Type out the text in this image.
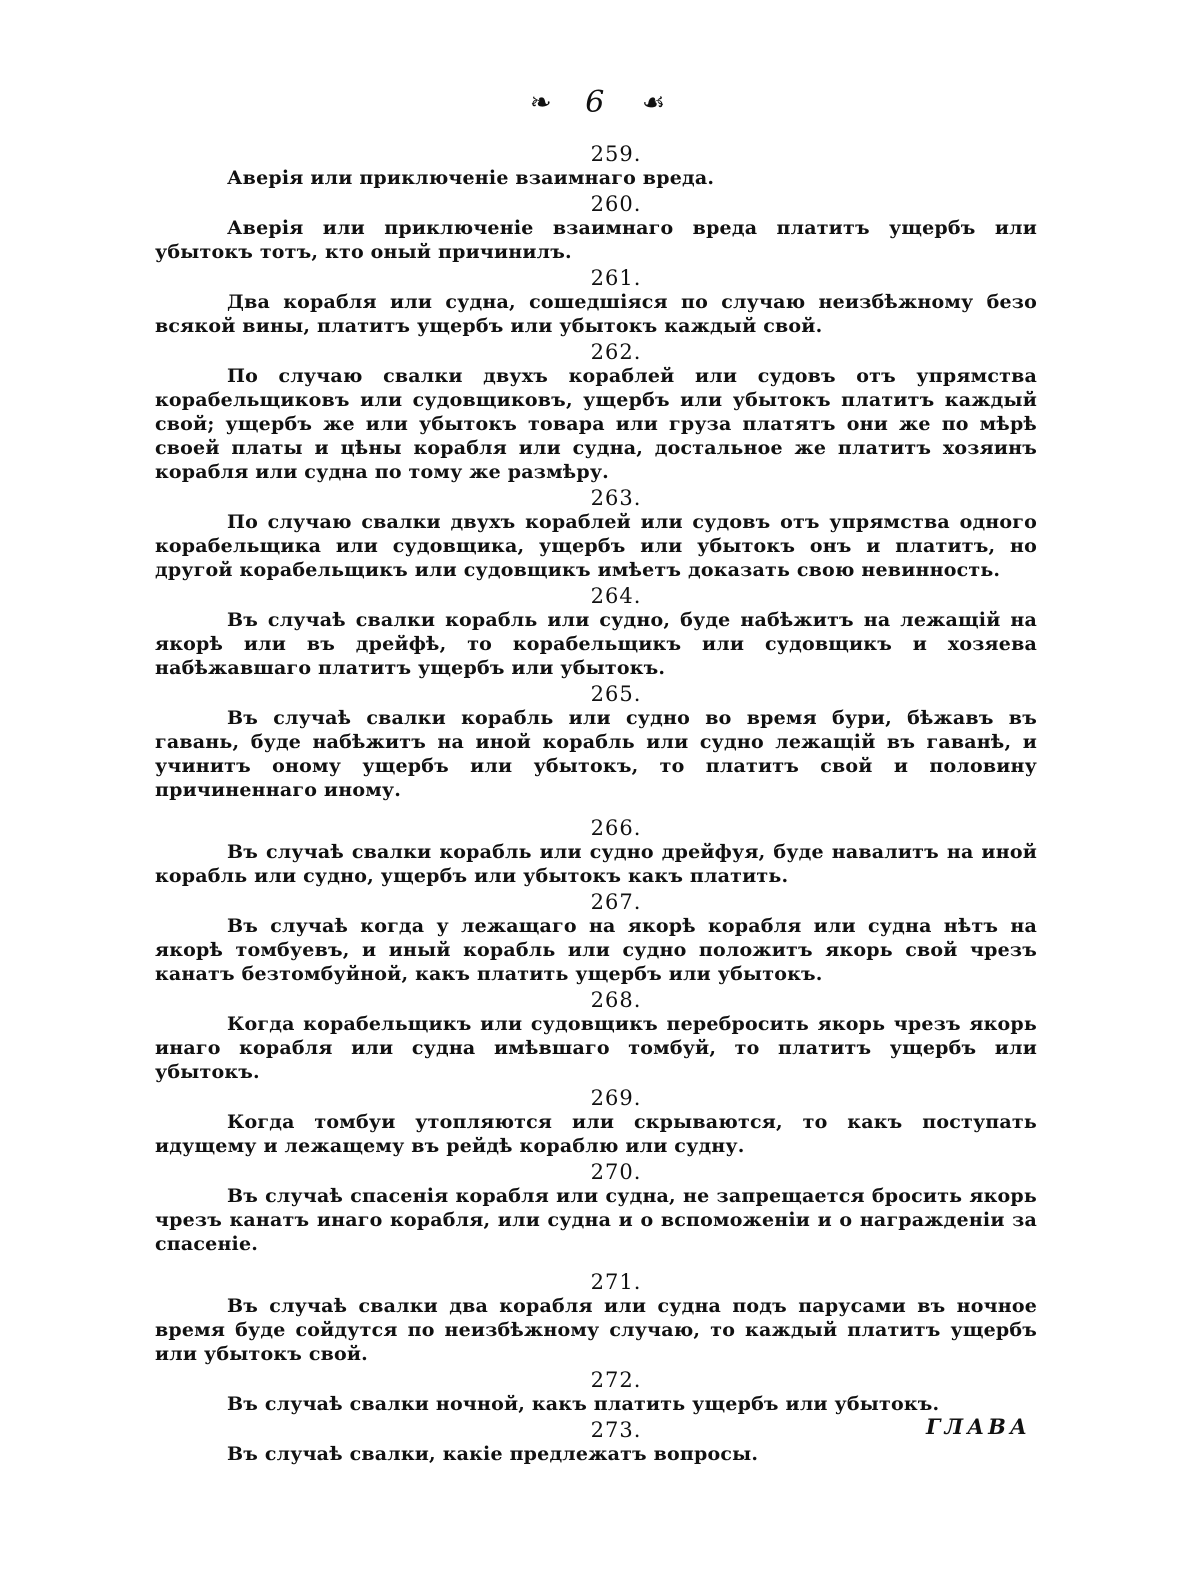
❧ 6 ☙
259.

Аверія или приключеніе взаимнаго вреда.

260.

Аверія или приключеніе взаимнаго вреда платитъ ущербъ или убытокъ тотъ, кто оный причинилъ.

261.

Два корабля или судна, сошедшіяся по случаю неизбѣжному безо всякой вины, платитъ ущербъ или убытокъ каждый свой.

262.

По случаю свалки двухъ кораблей или судовъ отъ упрямства корабельщиковъ или судовщиковъ, ущербъ или убытокъ платитъ каждый свой; ущербъ же или убытокъ товара или груза платятъ они же по мѣрѣ своей платы и цѣны корабля или судна, достальное же платитъ хозяинъ корабля или судна по тому же размѣру.

263.

По случаю свалки двухъ кораблей или судовъ отъ упрямства одного корабельщика или судовщика, ущербъ или убытокъ онъ и платитъ, но другой корабельщикъ или судовщикъ имѣетъ доказать свою невинность.

264.

Въ случаѣ свалки корабль или судно, буде набѣжитъ на лежащій на якорѣ или въ дрейфѣ, то корабельщикъ или судовщикъ и хозяева набѣжавшаго платитъ ущербъ или убытокъ.

265.

Въ случаѣ свалки корабль или судно во время бури, бѣжавъ въ гавань, буде набѣжитъ на иной корабль или судно лежащій въ гаванѣ, и учинитъ оному ущербъ или убытокъ, то платитъ свой и половину причиненнаго иному.

266.

Въ случаѣ свалки корабль или судно дрейфуя, буде навалитъ на иной корабль или судно, ущербъ или убытокъ какъ платить.

267.

Въ случаѣ когда у лежащаго на якорѣ корабля или судна нѣтъ на якорѣ томбуевъ, и иный корабль или судно положитъ якорь свой чрезъ канатъ безтомбуйной, какъ платить ущербъ или убытокъ.

268.

Когда корабельщикъ или судовщикъ перебросить якорь чрезъ якорь инаго корабля или судна имѣвшаго томбуй, то платитъ ущербъ или убытокъ.

269.

Когда томбуи утопляются или скрываются, то какъ поступать идущему и лежащему въ рейдѣ кораблю или судну.

270.

Въ случаѣ спасенія корабля или судна, не запрещается бросить якорь чрезъ канатъ инаго корабля, или судна и о вспоможеніи и о награжденіи за спасеніе.

271.

Въ случаѣ свалки два корабля или судна подъ парусами въ ночное время буде сойдутся по неизбѣжному случаю, то каждый платитъ ущербъ или убытокъ свой.

272.

Въ случаѣ свалки ночной, какъ платить ущербъ или убытокъ.

273.

Въ случаѣ свалки, какіе предлежатъ вопросы.

ГЛАВА
